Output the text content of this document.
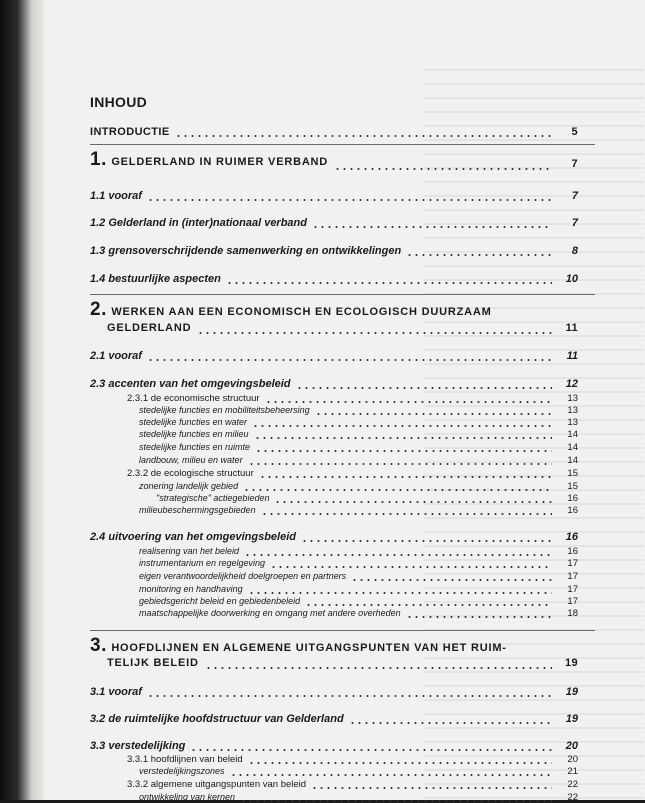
INHOUD
INTRODUCTIE	5
1. GELDERLAND IN RUIMER VERBAND	7
1.1 vooraf	7
1.2 Gelderland in (inter)nationaal verband	7
1.3 grensoverschrijdende samenwerking en ontwikkelingen	8
1.4 bestuurlijke aspecten	10
2. WERKEN AAN EEN ECONOMISCH EN ECOLOGISCH DUURZAAM
GELDERLAND	11
2.1 vooraf	11
2.3 accenten van het omgevingsbeleid	12
2.3.1 de economische structuur	13
stedelijke functies en mobiliteitsbeheersing	13
stedelijke functies en water	13
stedelijke functies en milieu	14
stedelijke functies en ruimte	14
landbouw, milieu en water	14
2.3.2 de ecologische structuur	15
zonering landelijk gebied	15
"strategische" actiegebieden	16
milieubeschermingsgebieden	16
2.4 uitvoering van het omgevingsbeleid	16
realisering van het beleid	16
instrumentarium en regelgeving	17
eigen verantwoordelijkheid doelgroepen en partners	17
monitoring en handhaving	17
gebiedsgericht beleid en gebiedenbeleid	17
maatschappelijke doorwerking en omgang met andere overheden	18
3. HOOFDLIJNEN EN ALGEMENE UITGANGSPUNTEN VAN HET RUIM-
TELIJK BELEID	19
3.1 vooraf	19
3.2 de ruimtelijke hoofdstructuur van Gelderland	19
3.3 verstedelijking	20
3.3.1 hoofdlijnen van beleid	20
verstedelijkingszones	21
3.3.2 algemene uitgangspunten van beleid	22
ontwikkeling van kernen	22
